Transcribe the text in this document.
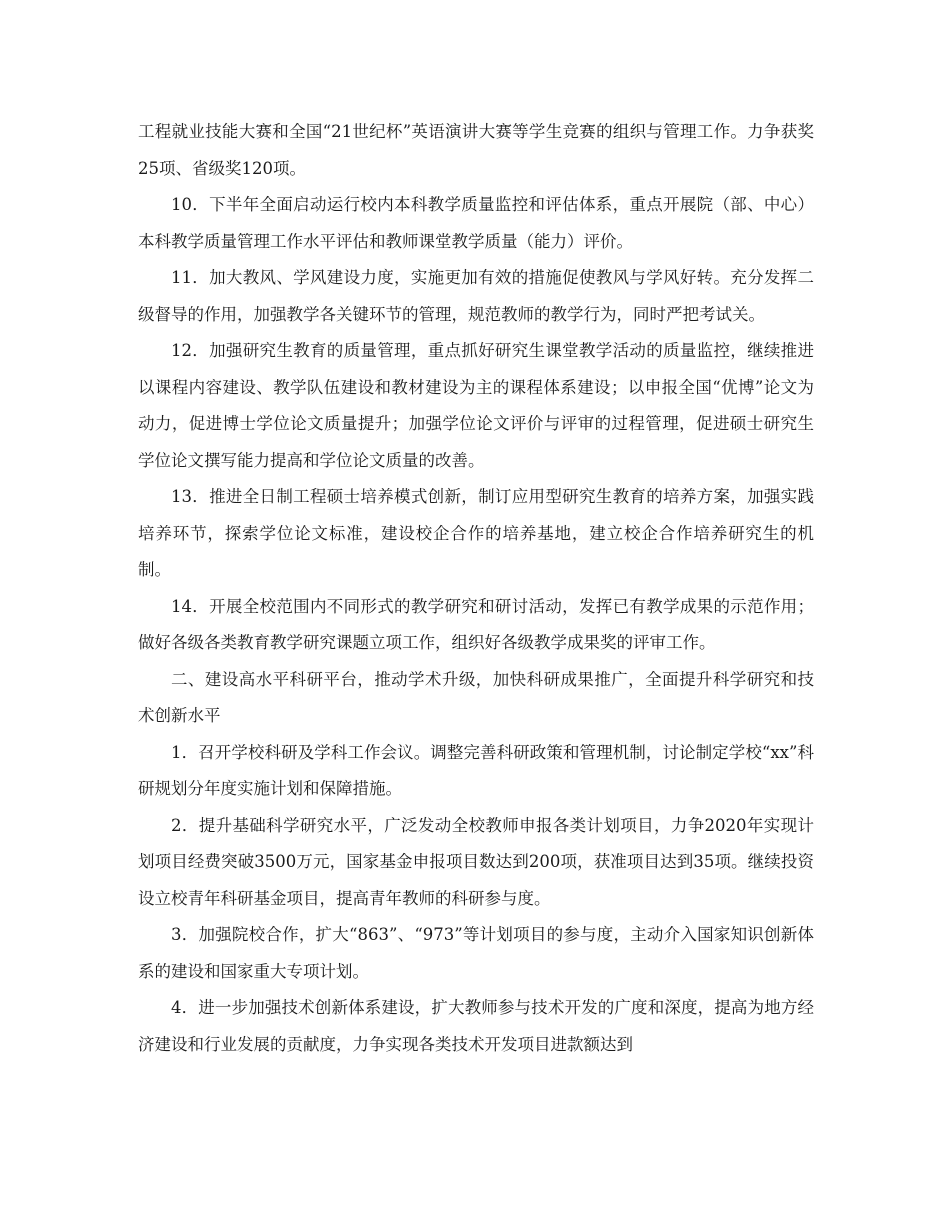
工程就业技能大赛和全国“21世纪杯”英语演讲大赛等学生竞赛的组织与管理工作。力争获奖25项、省级奖120项。

10．下半年全面启动运行校内本科教学质量监控和评估体系，重点开展院（部、中心）本科教学质量管理工作水平评估和教师课堂教学质量（能力）评价。

11．加大教风、学风建设力度，实施更加有效的措施促使教风与学风好转。充分发挥二级督导的作用，加强教学各关键环节的管理，规范教师的教学行为，同时严把考试关。

12．加强研究生教育的质量管理，重点抓好研究生课堂教学活动的质量监控，继续推进以课程内容建设、教学队伍建设和教材建设为主的课程体系建设；以申报全国“优博”论文为动力，促进博士学位论文质量提升；加强学位论文评价与评审的过程管理，促进硕士研究生学位论文撰写能力提高和学位论文质量的改善。

13．推进全日制工程硕士培养模式创新，制订应用型研究生教育的培养方案，加强实践培养环节，探索学位论文标准，建设校企合作的培养基地，建立校企合作培养研究生的机制。

14．开展全校范围内不同形式的教学研究和研讨活动，发挥已有教学成果的示范作用；做好各级各类教育教学研究课题立项工作，组织好各级教学成果奖的评审工作。

二、建设高水平科研平台，推动学术升级，加快科研成果推广，全面提升科学研究和技术创新水平

1．召开学校科研及学科工作会议。调整完善科研政策和管理机制，讨论制定学校“xx”科研规划分年度实施计划和保障措施。

2．提升基础科学研究水平，广泛发动全校教师申报各类计划项目，力争2020年实现计划项目经费突破3500万元，国家基金申报项目数达到200项，获准项目达到35项。继续投资设立校青年科研基金项目，提高青年教师的科研参与度。

3．加强院校合作，扩大“863”、“973”等计划项目的参与度，主动介入国家知识创新体系的建设和国家重大专项计划。

4．进一步加强技术创新体系建设，扩大教师参与技术开发的广度和深度，提高为地方经济建设和行业发展的贡献度，力争实现各类技术开发项目进款额达到
